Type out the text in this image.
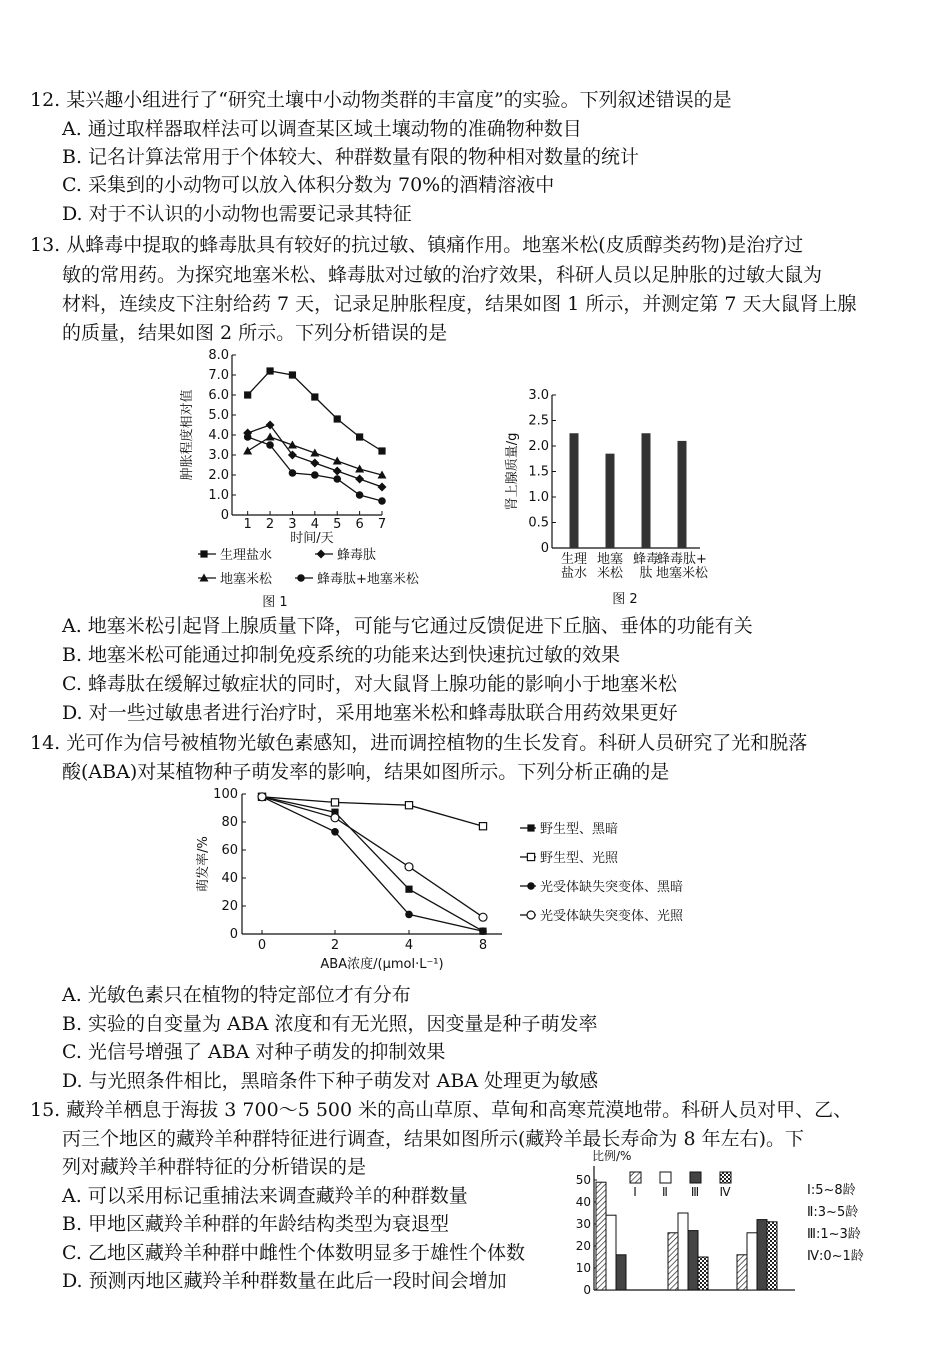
12. 某兴趣小组进行了“研究土壤中小动物类群的丰富度”的实验。下列叙述错误的是
A. 通过取样器取样法可以调查某区域土壤动物的准确物种数目
B. 记名计算法常用于个体较大、种群数量有限的物种相对数量的统计
C. 采集到的小动物可以放入体积分数为 70%的酒精溶液中
D. 对于不认识的小动物也需要记录其特征
13. 从蜂毒中提取的蜂毒肽具有较好的抗过敏、镇痛作用。地塞米松(皮质醇类药物)是治疗过
敏的常用药。为探究地塞米松、蜂毒肽对过敏的治疗效果，科研人员以足肿胀的过敏大鼠为
材料，连续皮下注射给药 7 天，记录足肿胀程度，结果如图 1 所示，并测定第 7 天大鼠肾上腺
的质量，结果如图 2 所示。下列分析错误的是
0
1.0
2.0
3.0
4.0
5.0
6.0
7.0
8.0
1 2 3 4 5 6 7
肿胀程度相对值
时间/天
生理盐水	蜂毒肽
地塞米松	蜂毒肽+地塞米松
图 1
0
0.5
1.0
1.5
2.0
2.5
3.0
肾上腺质量/g
生理
盐水
地塞
米松
蜂毒
肽
蜂毒肽+
地塞米松
图 2
A. 地塞米松引起肾上腺质量下降，可能与它通过反馈促进下丘脑、垂体的功能有关
B. 地塞米松可能通过抑制免疫系统的功能来达到快速抗过敏的效果
C. 蜂毒肽在缓解过敏症状的同时，对大鼠肾上腺功能的影响小于地塞米松
D. 对一些过敏患者进行治疗时，采用地塞米松和蜂毒肽联合用药效果更好
14. 光可作为信号被植物光敏色素感知，进而调控植物的生长发育。科研人员研究了光和脱落
酸(ABA)对某植物种子萌发率的影响，结果如图所示。下列分析正确的是
0
20
40
60
80
100
0	2	4	8
萌发率/%
ABA浓度/(μmol·L⁻¹)
野生型、黑暗
野生型、光照
光受体缺失突变体、黑暗
光受体缺失突变体、光照
A. 光敏色素只在植物的特定部位才有分布
B. 实验的自变量为 ABA 浓度和有无光照，因变量是种子萌发率
C. 光信号增强了 ABA 对种子萌发的抑制效果
D. 与光照条件相比，黑暗条件下种子萌发对 ABA 处理更为敏感
15. 藏羚羊栖息于海拔 3 700～5 500 米的高山草原、草甸和高寒荒漠地带。科研人员对甲、乙、
丙三个地区的藏羚羊种群特征进行调查，结果如图所示(藏羚羊最长寿命为 8 年左右)。下
列对藏羚羊种群特征的分析错误的是
A. 可以采用标记重捕法来调查藏羚羊的种群数量
B. 甲地区藏羚羊种群的年龄结构类型为衰退型
C. 乙地区藏羚羊种群中雌性个体数明显多于雄性个体数
D. 预测丙地区藏羚羊种群数量在此后一段时间会增加
比例/%
0
10
20
30
40
50
Ⅰ Ⅱ Ⅲ Ⅳ	Ⅰ:5~8龄
Ⅱ:3~5龄
Ⅲ:1~3龄
Ⅳ:0~1龄
